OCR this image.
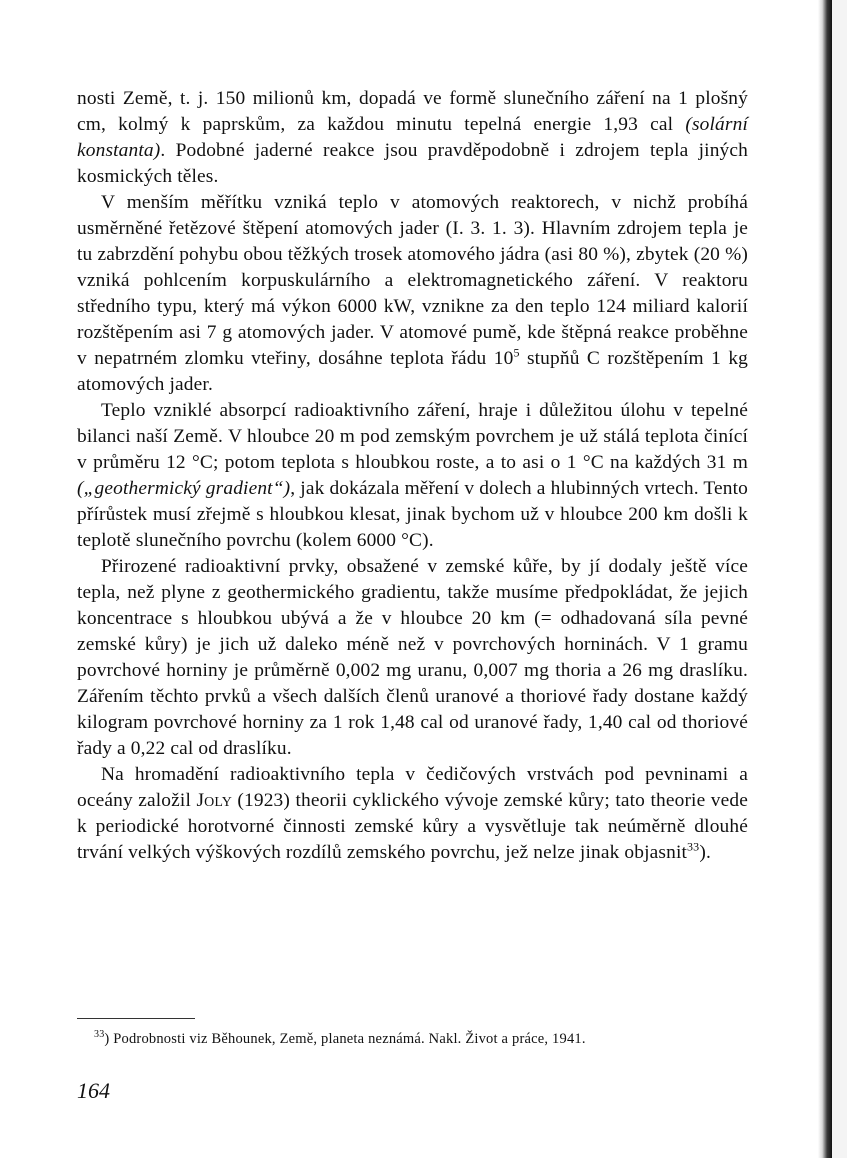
nosti Země, t. j. 150 milionů km, dopadá ve formě slunečního záření na 1 plošný cm, kolmý k paprskům, za každou minutu tepelná energie 1,93 cal (solární konstanta). Podobné jaderné reakce jsou pravděpodobně i zdrojem tepla jiných kosmických těles.

V menším měřítku vzniká teplo v atomových reaktorech, v nichž probíhá usměrněné řetězové štěpení atomových jader (I. 3. 1. 3). Hlavním zdrojem tepla je tu zabrzdění pohybu obou těžkých trosek atomového jádra (asi 80 %), zbytek (20 %) vzniká pohlcením korpuskulárního a elektromagnetického záření. V reaktoru středního typu, který má výkon 6000 kW, vznikne za den teplo 124 miliard kalorií rozštěpením asi 7 g atomových jader. V atomové pumě, kde štěpná reakce proběhne v nepatrném zlomku vteřiny, dosáhne teplota řádu $10^5$ stupňů C rozštěpením 1 kg atomových jader.

Teplo vzniklé absorpcí radioaktivního záření, hraje i důležitou úlohu v tepelné bilanci naší Země. V hloubce 20 m pod zemským povrchem je už stálá teplota činící v průměru 12 °C; potom teplota s hloubkou roste, a to asi o 1 °C na každých 31 m („geothermický gradient“), jak dokázala měření v dolech a hlubinných vrtech. Tento přírůstek musí zřejmě s hloubkou klesat, jinak bychom už v hloubce 200 km došli k teplotě slunečního povrchu (kolem 6000 °C).

Přirozené radioaktivní prvky, obsažené v zemské kůře, by jí dodaly ještě více tepla, než plyne z geothermického gradientu, takže musíme předpokládat, že jejich koncentrace s hloubkou ubývá a že v hloubce 20 km (= odhadovaná síla pevné zemské kůry) je jich už daleko méně než v povrchových horninách. V 1 gramu povrchové horniny je průměrně 0,002 mg uranu, 0,007 mg thoria a 26 mg draslíku. Zářením těchto prvků a všech dalších členů uranové a thoriové řady dostane každý kilogram povrchové horniny za 1 rok 1,48 cal od uranové řady, 1,40 cal od thoriové řady a 0,22 cal od draslíku.

Na hromadění radioaktivního tepla v čedičových vrstvách pod pevninami a oceány založil Joly (1923) theorii cyklického vývoje zemské kůry; tato theorie vede k periodické horotvorné činnosti zemské kůry a vysvětluje tak neúměrně dlouhé trvání velkých výškových rozdílů zemského povrchu, jež nelze jinak objasnit$^{33}$).

$^{33}$) Podrobnosti viz Běhounek, Země, planeta neznámá. Nakl. Život a práce, 1941.
164
